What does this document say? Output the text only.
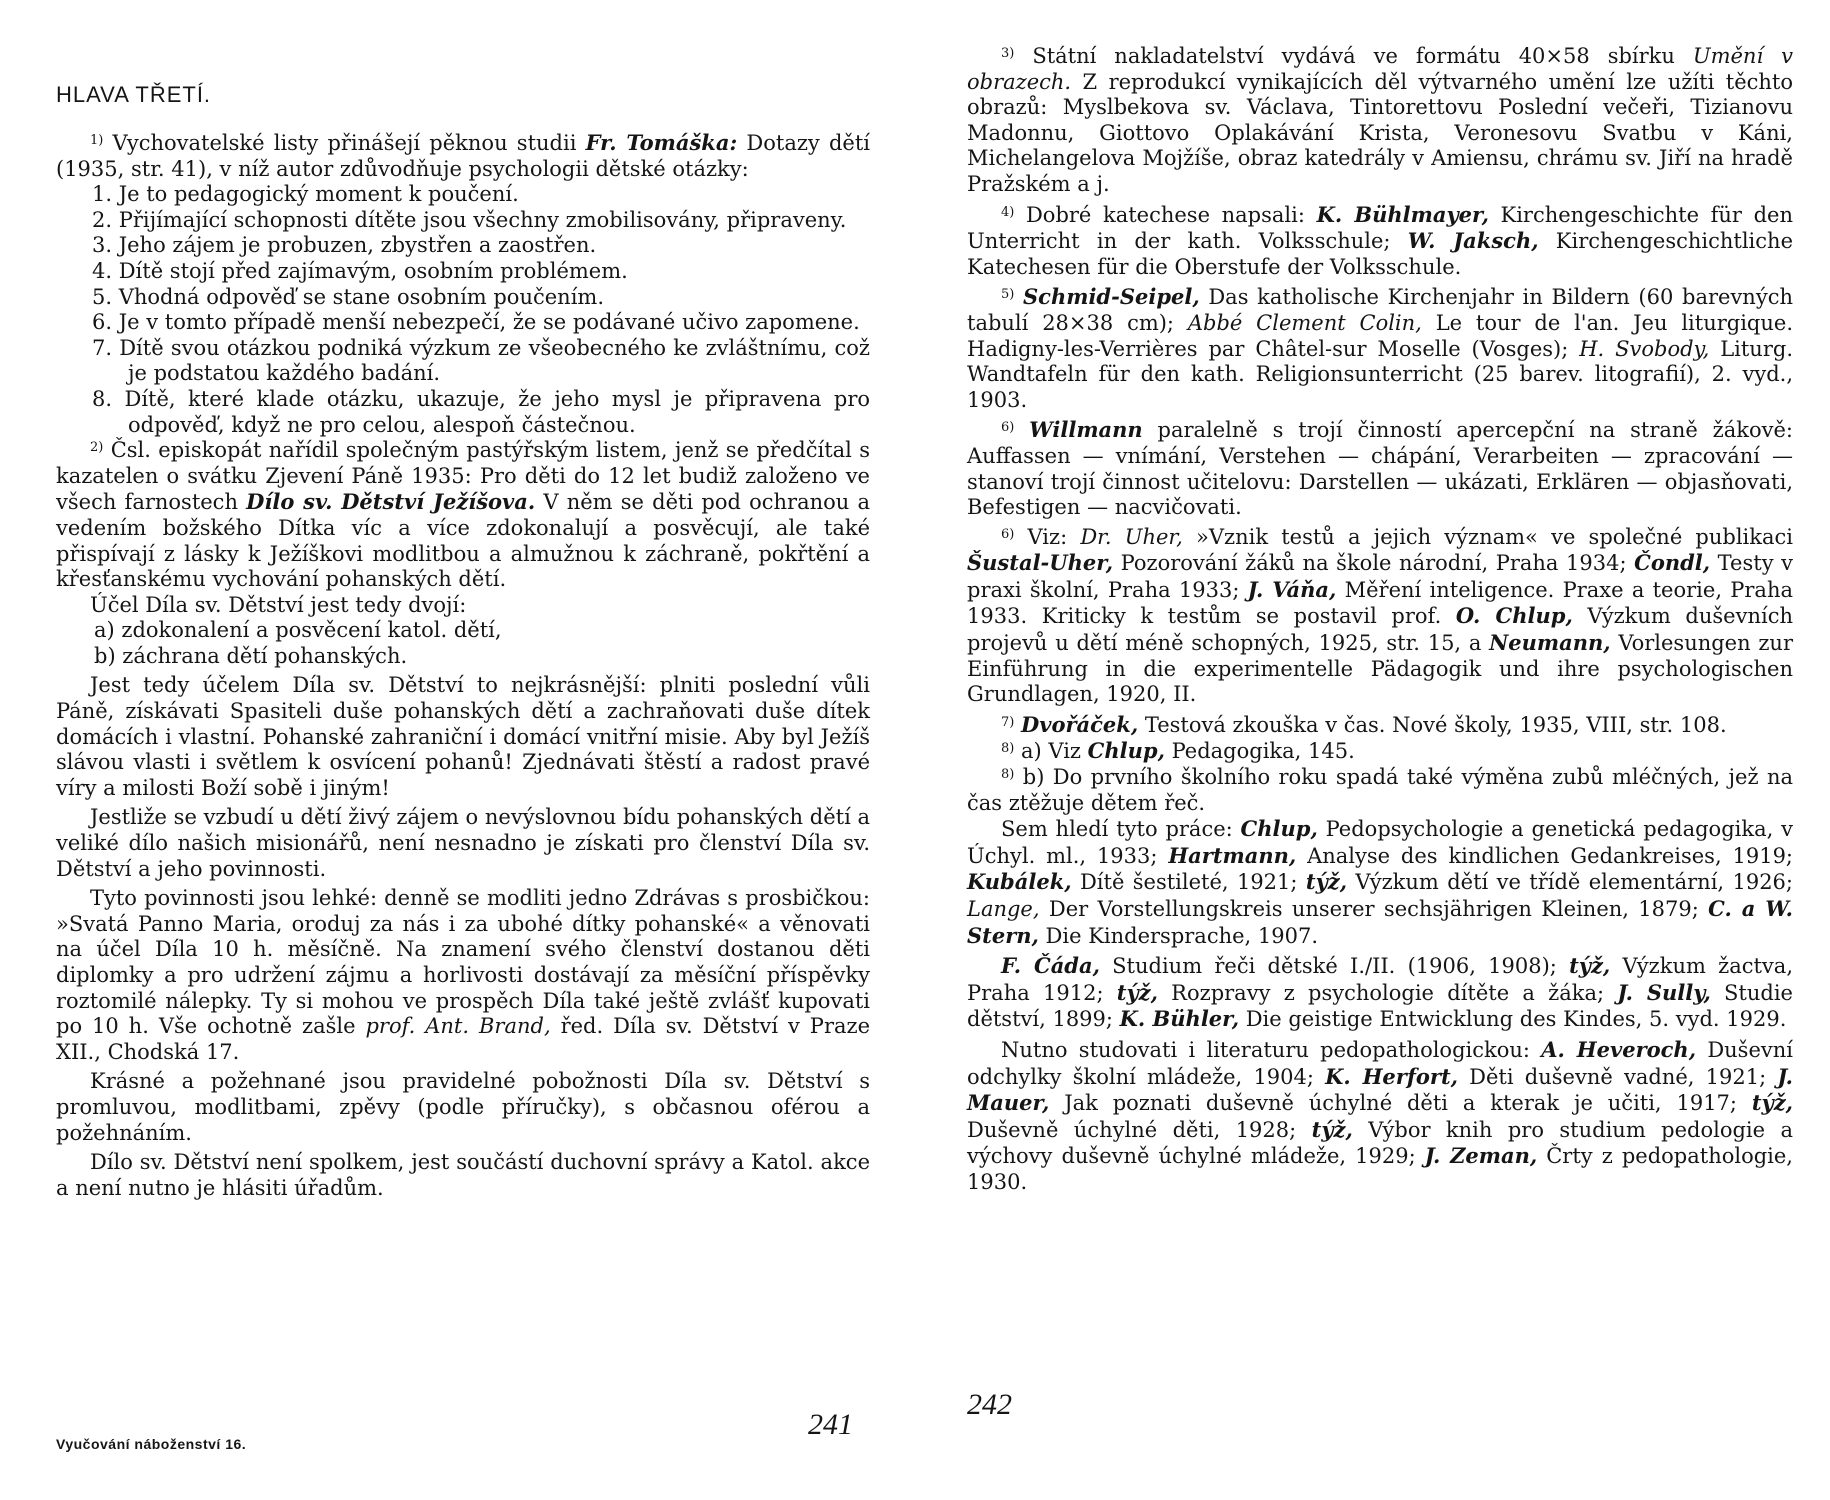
HLAVA TŘETÍ.

$^{1)}$ Vychovatelské listy přinášejí pěknou studii Fr. Tomáška: Dotazy dětí (1935, str. 41), v níž autor zdůvodňuje psychologii dětské otázky:

1. Je to pedagogický moment k poučení.
2. Přijímající schopnosti dítěte jsou všechny zmobilisovány, připraveny.
3. Jeho zájem je probuzen, zbystřen a zaostřen.
4. Dítě stojí před zajímavým, osobním problémem.
5. Vhodná odpověď se stane osobním poučením.
6. Je v tomto případě menší nebezpečí, že se podávané učivo zapomene.
7. Dítě svou otázkou podniká výzkum ze všeobecného ke zvláštnímu, což je podstatou každého badání.
8. Dítě, které klade otázku, ukazuje, že jeho mysl je připravena pro odpověď, když ne pro celou, alespoň částečnou.

$^{2)}$ Čsl. episkopát nařídil společným pastýřským listem, jenž se předčítal s kazatelen o svátku Zjevení Páně 1935: Pro děti do 12 let budiž založeno ve všech farnostech Dílo sv. Dětství Ježíšova. V něm se děti pod ochranou a vedením božského Dítka víc a více zdokonalují a posvěcují, ale také přispívají z lásky k Ježíškovi modlitbou a almužnou k záchraně, pokřtění a křesťanskému vychování pohanských dětí.

Účel Díla sv. Dětství jest tedy dvojí:

a) zdokonalení a posvěcení katol. dětí,
b) záchrana dětí pohanských.

Jest tedy účelem Díla sv. Dětství to nejkrásnější: plniti poslední vůli Páně, získávati Spasiteli duše pohanských dětí a zachraňovati duše dítek domácích i vlastní. Pohanské zahraniční i domácí vnitřní misie. Aby byl Ježíš slávou vlasti i světlem k osvícení pohanů! Zjednávati štěstí a radost pravé víry a milosti Boží sobě i jiným!

Jestliže se vzbudí u dětí živý zájem o nevýslovnou bídu pohanských dětí a veliké dílo našich misionářů, není nesnadno je získati pro členství Díla sv. Dětství a jeho povinnosti.

Tyto povinnosti jsou lehké: denně se modliti jedno Zdrávas s prosbičkou: »Svatá Panno Maria, oroduj za nás i za ubohé dítky pohanské« a věnovati na účel Díla 10 h. měsíčně. Na znamení svého členství dostanou děti diplomky a pro udržení zájmu a horlivosti dostávají za měsíční příspěvky roztomilé nálepky. Ty si mohou ve prospěch Díla také ještě zvlášť kupovati po 10 h. Vše ochotně zašle prof. Ant. Brand, řed. Díla sv. Dětství v Praze XII., Chodská 17.

Krásné a požehnané jsou pravidelné pobožnosti Díla sv. Dětství s promluvou, modlitbami, zpěvy (podle příručky), s občasnou oférou a požehnáním.

Dílo sv. Dětství není spolkem, jest součástí duchovní správy a Katol. akce a není nutno je hlásiti úřadům.

Vyučování náboženství 16.
241

$^{3)}$ Státní nakladatelství vydává ve formátu 40×58 sbírku Umění v obrazech. Z reprodukcí vynikajících děl výtvarného umění lze užíti těchto obrazů: Myslbekova sv. Václava, Tintorettovu Poslední večeři, Tizianovu Madonnu, Giottovo Oplakávání Krista, Veronesovu Svatbu v Káni, Michelangelova Mojžíše, obraz katedrály v Amiensu, chrámu sv. Jiří na hradě Pražském a j.

$^{4)}$ Dobré katechese napsali: K. Bühlmayer, Kirchengeschichte für den Unterricht in der kath. Volksschule; W. Jaksch, Kirchengeschichtliche Katechesen für die Oberstufe der Volksschule.

$^{5)}$ Schmid-Seipel, Das katholische Kirchenjahr in Bildern (60 barevných tabulí 28×38 cm); Abbé Clement Colin, Le tour de l'an. Jeu liturgique. Hadigny-les-Verrières par Châtel-sur Moselle (Vosges); H. Svobody, Liturg. Wandtafeln für den kath. Religionsunterricht (25 barev. litografií), 2. vyd., 1903.

$^{6)}$ Willmann paralelně s trojí činností apercepční na straně žákově: Auffassen — vnímání, Verstehen — chápání, Verarbeiten — zpracování — stanoví trojí činnost učitelovu: Darstellen — ukázati, Erklären — objasňovati, Befestigen — nacvičovati.

$^{6)}$ Viz: Dr. Uher, »Vznik testů a jejich význam« ve společné publikaci Šustal-Uher, Pozorování žáků na škole národní, Praha 1934; Čondl, Testy v praxi školní, Praha 1933; J. Váňa, Měření inteligence. Praxe a teorie, Praha 1933. Kriticky k testům se postavil prof. O. Chlup, Výzkum duševních projevů u dětí méně schopných, 1925, str. 15, a Neumann, Vorlesungen zur Einführung in die experimentelle Pädagogik und ihre psychologischen Grundlagen, 1920, II.

$^{7)}$ Dvořáček, Testová zkouška v čas. Nové školy, 1935, VIII, str. 108.

$^{8)}$ a) Viz Chlup, Pedagogika, 145.

$^{8)}$ b) Do prvního školního roku spadá také výměna zubů mléčných, jež na čas ztěžuje dětem řeč.

Sem hledí tyto práce: Chlup, Pedopsychologie a genetická pedagogika, v Úchyl. ml., 1933; Hartmann, Analyse des kindlichen Gedankreises, 1919; Kubálek, Dítě šestileté, 1921; týž, Výzkum dětí ve třídě elementární, 1926; Lange, Der Vorstellungskreis unserer sechsjährigen Kleinen, 1879; C. a W. Stern, Die Kindersprache, 1907.

F. Čáda, Studium řeči dětské I./II. (1906, 1908); týž, Výzkum žactva, Praha 1912; týž, Rozpravy z psychologie dítěte a žáka; J. Sully, Studie dětství, 1899; K. Bühler, Die geistige Entwicklung des Kindes, 5. vyd. 1929.

Nutno studovati i literaturu pedopathologickou: A. Heveroch, Duševní odchylky školní mládeže, 1904; K. Herfort, Děti duševně vadné, 1921; J. Mauer, Jak poznati duševně úchylné děti a kterak je učiti, 1917; týž, Duševně úchylné děti, 1928; týž, Výbor knih pro studium pedologie a výchovy duševně úchylné mládeže, 1929; J. Zeman, Črty z pedopathologie, 1930.

242
